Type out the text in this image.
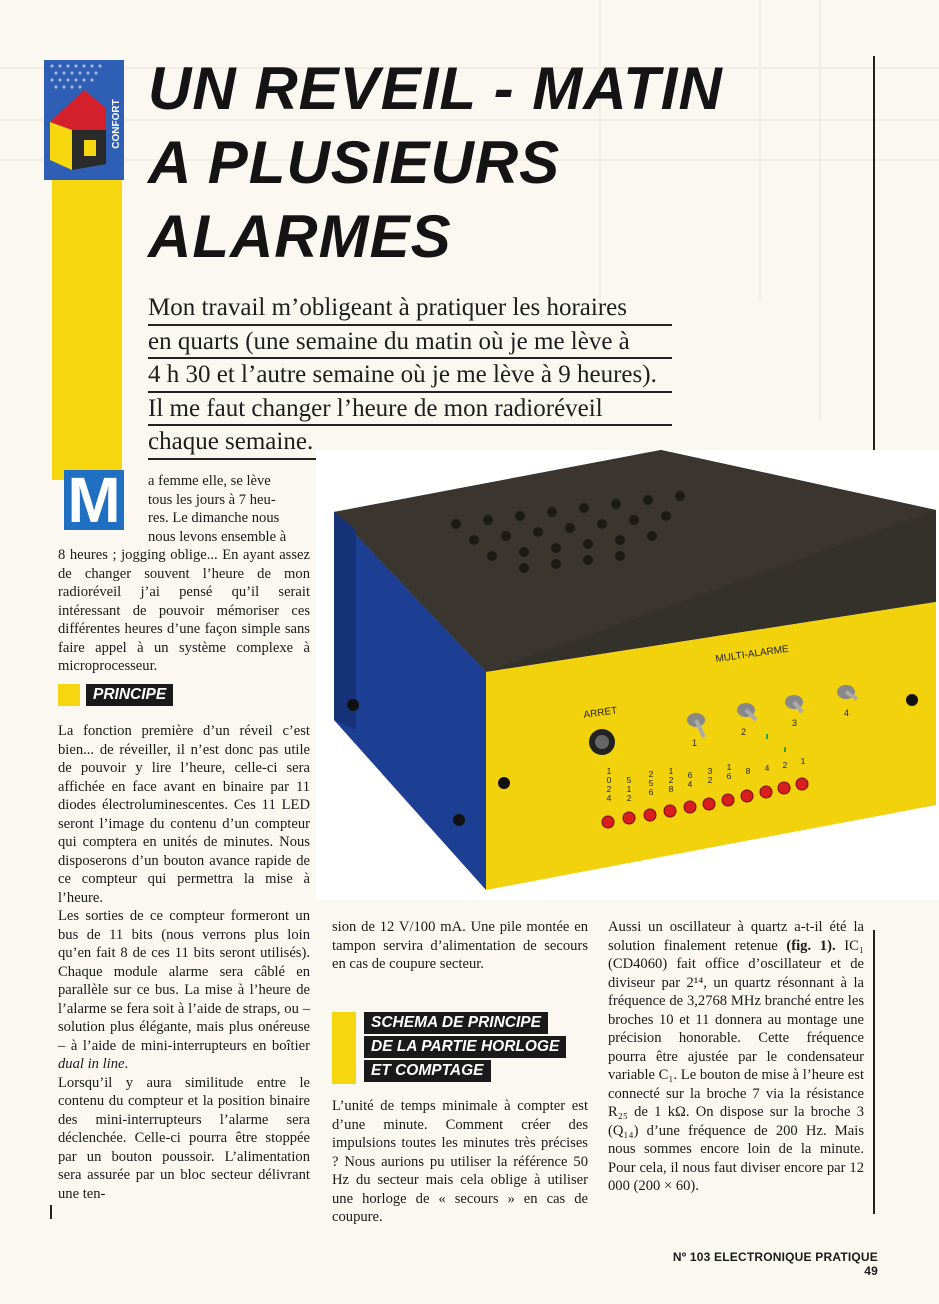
CONFORT
UN REVEIL - MATIN
A PLUSIEURS
ALARMES
Mon travail m’obligeant à pratiquer les horaires
en quarts (une semaine du matin où je me lève à
4 h 30 et l’autre semaine où je me lève à 9 heures).
Il me faut changer l’heure de mon radioréveil
chaque semaine.
M a femme elle, se lève
tous les jours à 7 heu-
res. Le dimanche nous
nous levons ensemble à
8 heures ; jogging oblige... En ayant assez de changer souvent l’heure de mon radioréveil j’ai pensé qu’il serait intéressant de pouvoir mémoriser ces différentes heures d’une façon simple sans faire appel à un système complexe à microprocesseur.
PRINCIPE
La fonction première d’un réveil c’est bien... de réveiller, il n’est donc pas utile de pouvoir y lire l’heure, celle-ci sera affichée en face avant en binaire par 11 diodes électroluminescentes. Ces 11 LED seront l’image du contenu d’un compteur qui comptera en unités de minutes. Nous disposerons d’un bouton avance rapide de ce compteur qui permettra la mise à l’heure.
Les sorties de ce compteur formeront un bus de 11 bits (nous verrons plus loin qu’en fait 8 de ces 11 bits seront utilisés). Chaque module alarme sera câblé en parallèle sur ce bus. La mise à l’heure de l’alarme se fera soit à l’aide de straps, ou – solution plus élégante, mais plus onéreuse – à l’aide de mini-interrupteurs en boîtier dual in line.
Lorsqu’il y aura similitude entre le contenu du compteur et la position binaire des mini-interrupteurs l’alarme sera déclenchée. Celle-ci pourra être stoppée par un bouton poussoir. L’alimentation sera assurée par un bloc secteur délivrant une ten-
MULTI-ALARME
ARRET
1
2
3
4
1 0 2 4
5 1 2
2 5 6
1 2 8
6 4
3 2
1 6 8 4 2 1
sion de 12 V/100 mA. Une pile montée en tampon servira d’alimentation de secours en cas de coupure secteur.
SCHEMA DE PRINCIPE
DE LA PARTIE HORLOGE
ET COMPTAGE
L’unité de temps minimale à compter est d’une minute. Comment créer des impulsions toutes les minutes très précises ? Nous aurions pu utiliser la référence 50 Hz du secteur mais cela oblige à utiliser une horloge de « secours » en cas de coupure.
Aussi un oscillateur à quartz a-t-il été la solution finalement retenue (fig. 1). IC₁ (CD4060) fait office d’oscillateur et de diviseur par 2¹⁴, un quartz résonnant à la fréquence de 3,2768 MHz branché entre les broches 10 et 11 donnera au montage une précision honorable. Cette fréquence pourra être ajustée par le condensateur variable C₁. Le bouton de mise à l’heure est connecté sur la broche 7 via la résistance R₂₅ de 1 kΩ. On dispose sur la broche 3 (Q₁₄) d’une fréquence de 200 Hz. Mais nous sommes encore loin de la minute. Pour cela, il nous faut diviser encore par 12 000 (200 × 60).
Nº 103 ELECTRONIQUE PRATIQUE 49
